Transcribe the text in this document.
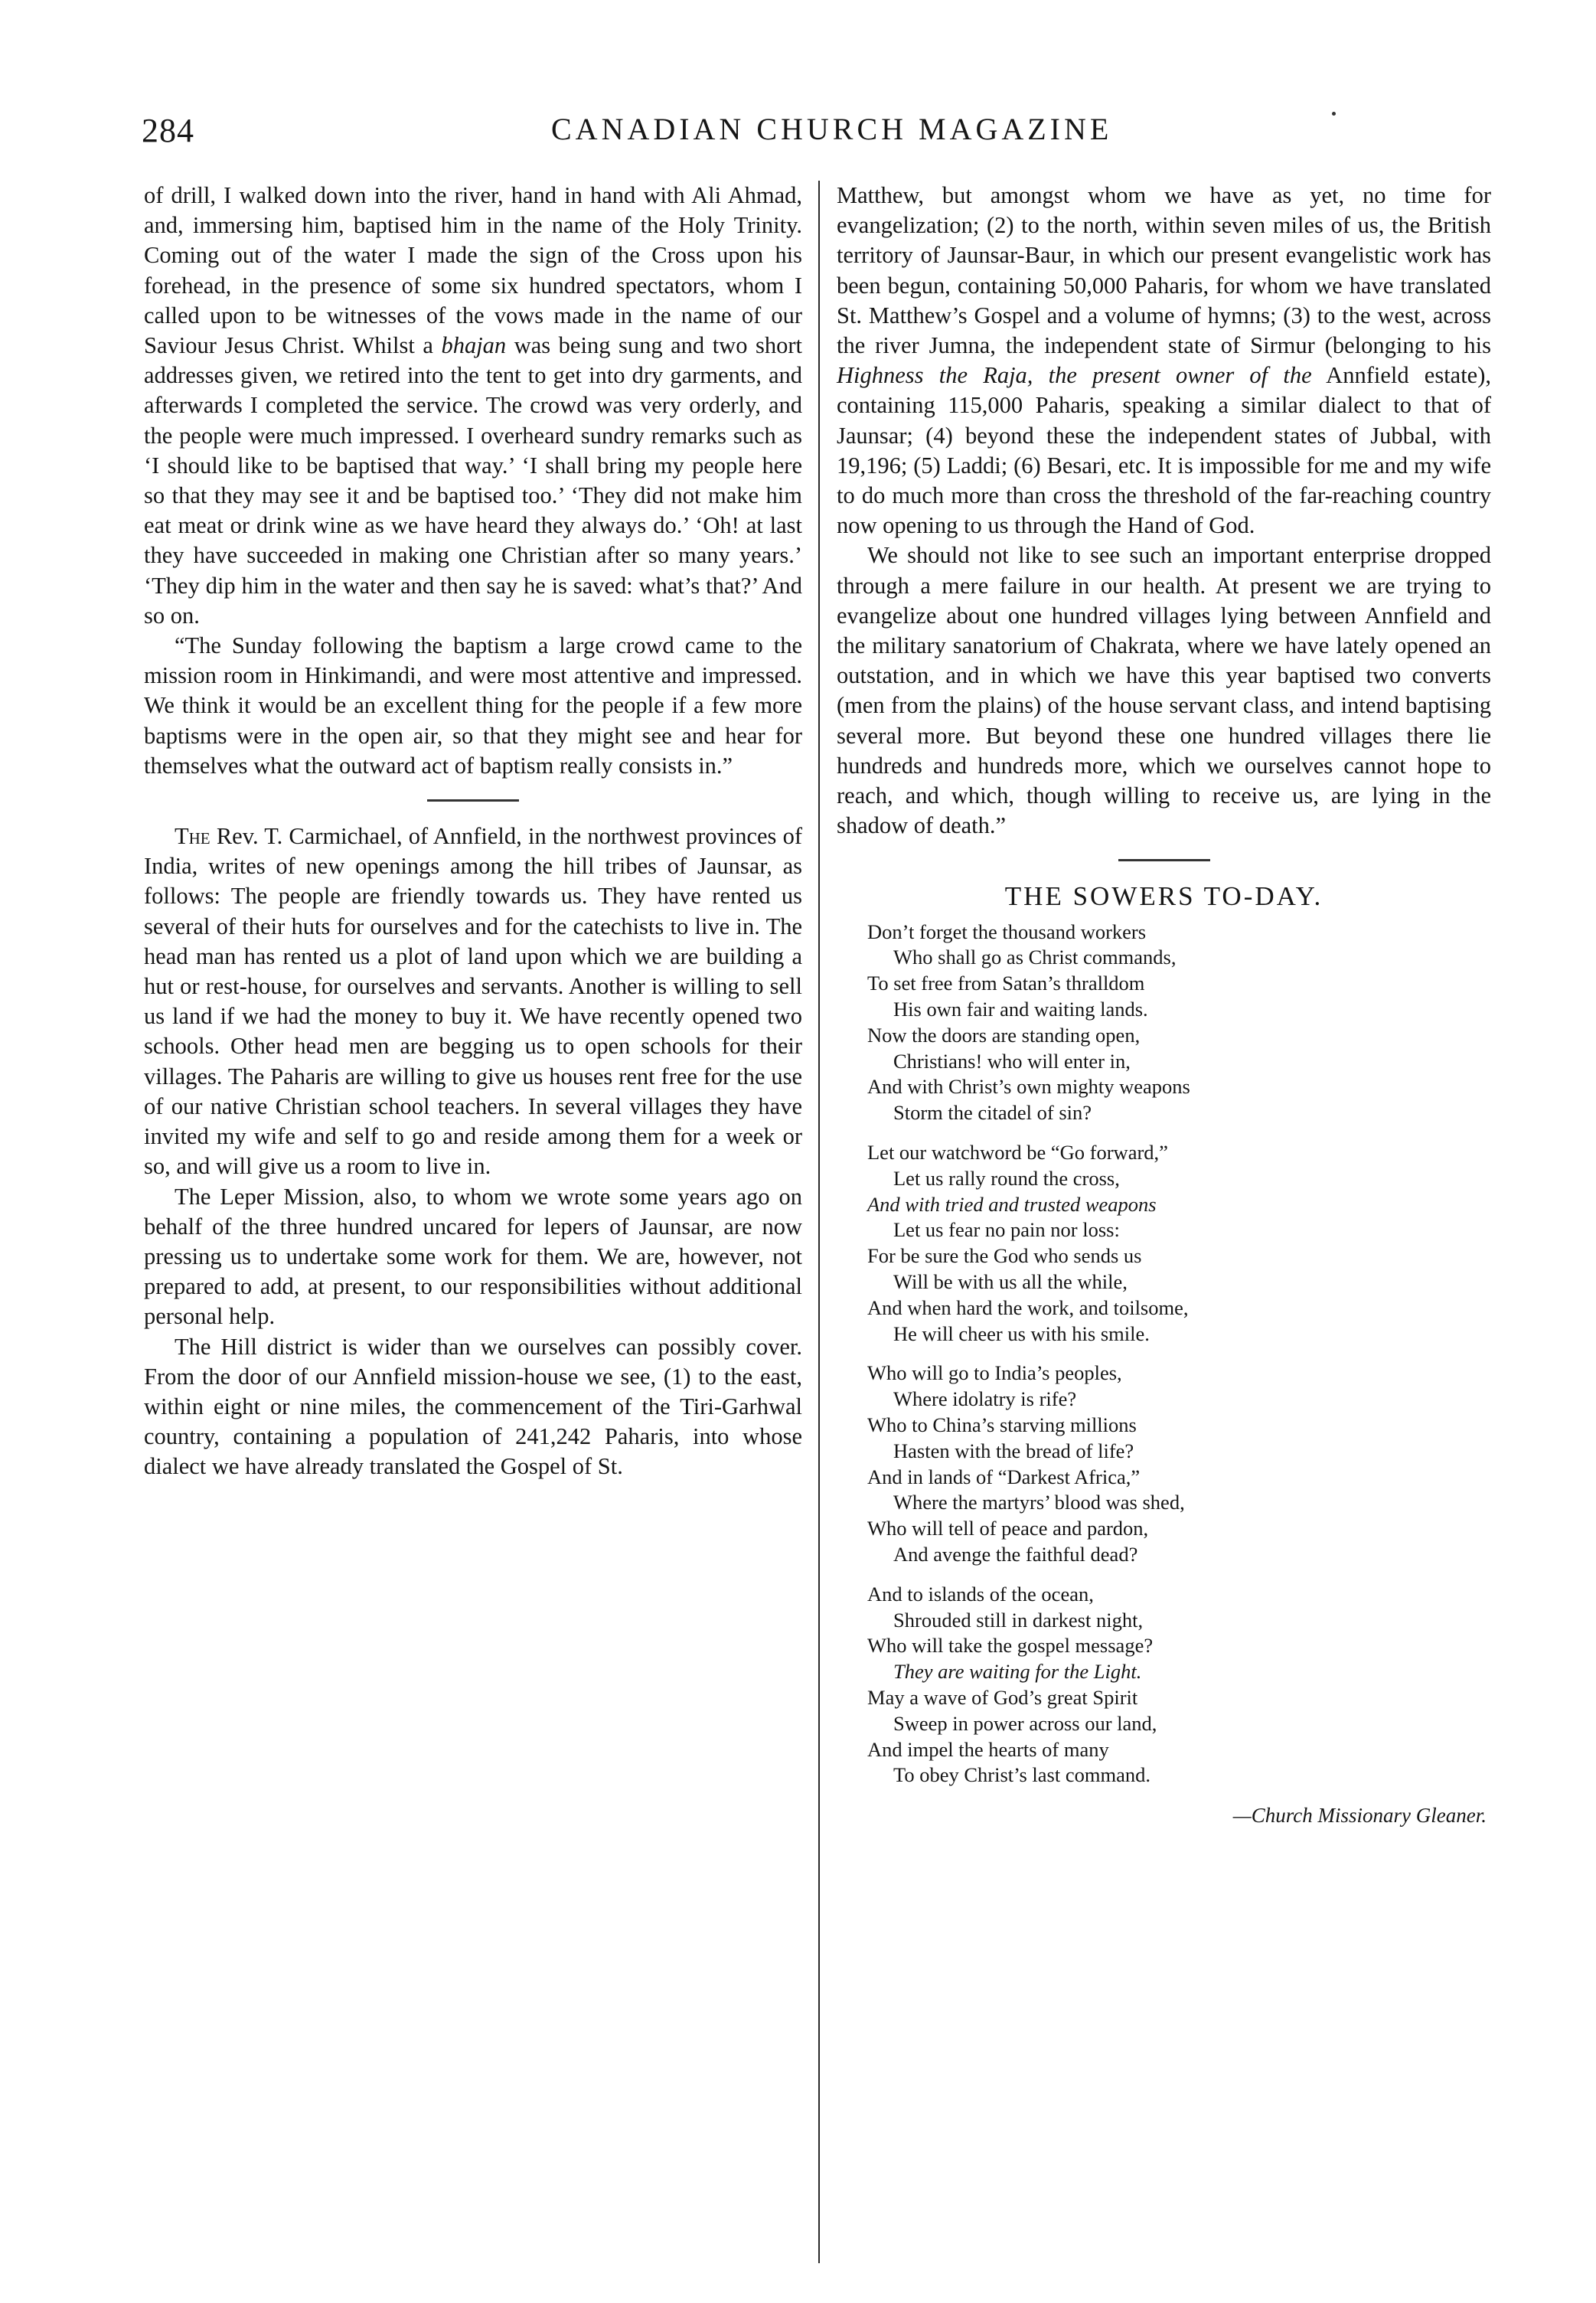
284	CANADIAN CHURCH MAGAZINE

of drill, I walked down into the river, hand in hand with Ali Ahmad, and, immersing him, baptised him in the name of the Holy Trinity. Coming out of the water I made the sign of the Cross upon his forehead, in the presence of some six hundred spectators, whom I called upon to be witnesses of the vows made in the name of our Saviour Jesus Christ. Whilst a bhajan was being sung and two short addresses given, we retired into the tent to get into dry garments, and afterwards I completed the service. The crowd was very orderly, and the people were much impressed. I overheard sundry remarks such as ‘I should like to be baptised that way.’ ‘I shall bring my people here so that they may see it and be baptised too.’ ‘They did not make him eat meat or drink wine as we have heard they always do.’ ‘Oh! at last they have succeeded in making one Christian after so many years.’ ‘They dip him in the water and then say he is saved: what’s that?’ And so on.

“The Sunday following the baptism a large crowd came to the mission room in Hinkimandi, and were most attentive and impressed. We think it would be an excellent thing for the people if a few more baptisms were in the open air, so that they might see and hear for themselves what the outward act of baptism really consists in.”

The Rev. T. Carmichael, of Annfield, in the northwest provinces of India, writes of new openings among the hill tribes of Jaunsar, as follows: The people are friendly towards us. They have rented us several of their huts for ourselves and for the catechists to live in. The head man has rented us a plot of land upon which we are building a hut or rest-house, for ourselves and servants. Another is willing to sell us land if we had the money to buy it. We have recently opened two schools. Other head men are begging us to open schools for their villages. The Paharis are willing to give us houses rent free for the use of our native Christian school teachers. In several villages they have invited my wife and self to go and reside among them for a week or so, and will give us a room to live in.

The Leper Mission, also, to whom we wrote some years ago on behalf of the three hundred uncared for lepers of Jaunsar, are now pressing us to undertake some work for them. We are, however, not prepared to add, at present, to our responsibilities without additional personal help.

The Hill district is wider than we ourselves can possibly cover. From the door of our Annfield mission-house we see, (1) to the east, within eight or nine miles, the commencement of the Tiri-Garhwal country, containing a population of 241,242 Paharis, into whose dialect we have already translated the Gospel of St.

Matthew, but amongst whom we have as yet, no time for evangelization; (2) to the north, within seven miles of us, the British territory of Jaunsar-Baur, in which our present evangelistic work has been begun, containing 50,000 Paharis, for whom we have translated St. Matthew’s Gospel and a volume of hymns; (3) to the west, across the river Jumna, the independent state of Sirmur (belonging to his Highness the Raja, the present owner of the Annfield estate), containing 115,000 Paharis, speaking a similar dialect to that of Jaunsar; (4) beyond these the independent states of Jubbal, with 19,196; (5) Laddi; (6) Besari, etc. It is impossible for me and my wife to do much more than cross the threshold of the far-reaching country now opening to us through the Hand of God.

We should not like to see such an important enterprise dropped through a mere failure in our health. At present we are trying to evangelize about one hundred villages lying between Annfield and the military sanatorium of Chakrata, where we have lately opened an outstation, and in which we have this year baptised two converts (men from the plains) of the house servant class, and intend baptising several more. But beyond these one hundred villages there lie hundreds and hundreds more, which we ourselves cannot hope to reach, and which, though willing to receive us, are lying in the shadow of death.”

THE SOWERS TO-DAY.
Don’t forget the thousand workers
Who shall go as Christ commands,
To set free from Satan’s thralldom
His own fair and waiting lands.
Now the doors are standing open,
Christians! who will enter in,
And with Christ’s own mighty weapons
Storm the citadel of sin?
Let our watchword be “Go forward,”
Let us rally round the cross,
And with tried and trusted weapons
Let us fear no pain nor loss:
For be sure the God who sends us
Will be with us all the while,
And when hard the work, and toilsome,
He will cheer us with his smile.
Who will go to India’s peoples,
Where idolatry is rife?
Who to China’s starving millions
Hasten with the bread of life?
And in lands of “Darkest Africa,”
Where the martyrs’ blood was shed,
Who will tell of peace and pardon,
And avenge the faithful dead?
And to islands of the ocean,
Shrouded still in darkest night,
Who will take the gospel message?
They are waiting for the Light.
May a wave of God’s great Spirit
Sweep in power across our land,
And impel the hearts of many
To obey Christ’s last command.
—Church Missionary Gleaner.
